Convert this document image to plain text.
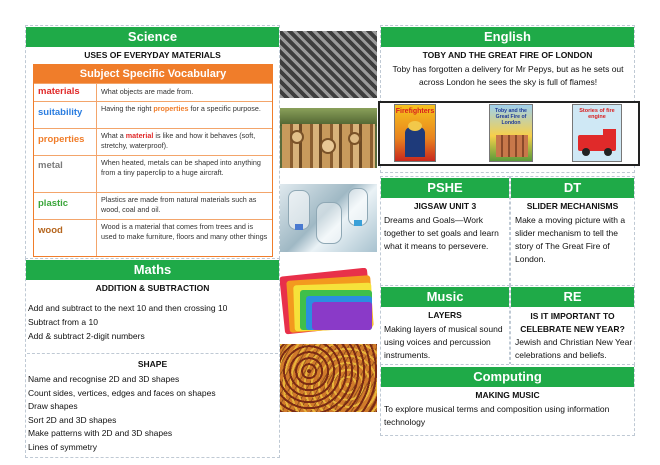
Science
USES OF EVERYDAY MATERIALS
Subject Specific Vocabulary
materials	What objects are made from.
suitability	Having the right properties for a specific purpose.
properties	What a material is like and how it behaves (soft, stretchy, waterproof).
metal	When heated, metals can be shaped into anything from a tiny paperclip to a huge aircraft.
plastic	Plastics are made from natural materials such as wood, coal and oil.
wood	Wood is a material that comes from trees and is used to make furniture, floors and many other things
Maths
ADDITION & SUBTRACTION
Add and subtract to the next 10 and then crossing 10
Subtract from a 10
Add & subtract 2-digit numbers
SHAPE
Name and recognise 2D and 3D shapes
Count sides, vertices, edges and faces on shapes
Draw shapes
Sort 2D and 3D shapes
Make patterns with 2D and 3D shapes
Lines of symmetry
English
TOBY AND THE GREAT FIRE OF LONDON
Toby has forgotten a delivery for Mr Pepys, but as he sets out across London he sees the sky is full of flames!
Firefighters	Toby and the Great Fire of London
Stories of fire engine
PSHE
JIGSAW UNIT 3
Dreams and Goals—Work together to set goals and learn what it means to persevere.
DT
SLIDER MECHANISMS
Make a moving picture with a slider mechanism to tell the story of The Great Fire of London.
Music
LAYERS
Making layers of musical sound using voices and percussion instruments.
RE
IS IT IMPORTANT TO CELEBRATE NEW YEAR?
Jewish and Christian New Year celebrations and beliefs.
Computing
MAKING MUSIC
To explore musical terms and composition using information technology
